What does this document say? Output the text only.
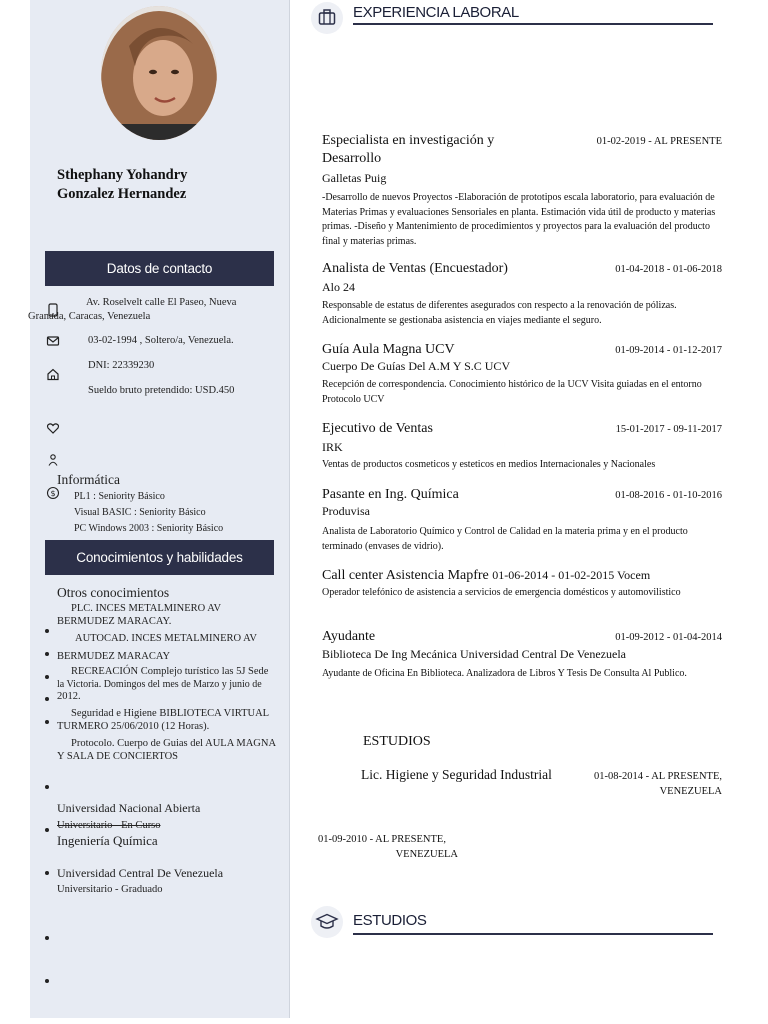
Sthephany Yohandry
Gonzalez Hernandez
Datos de contacto
$
Av. Roselvelt calle El Paseo, Nueva
Granada, Caracas, Venezuela
03-02-1994 , Soltero/a, Venezuela.
DNI: 22339230
Sueldo bruto pretendido: USD.450
Informática
PL1 : Seniority Básico
Visual BASIC : Seniority Básico
PC Windows 2003 : Seniority Básico
Conocimientos y habilidades
Otros conocimientos
PLC. INCES METALMINERO AV
BERMUDEZ MARACAY.
AUTOCAD. INCES METALMINERO AV
BERMUDEZ MARACAY
RECREACIÓN Complejo turístico las 5J Sede
la Victoria. Domingos del mes de Marzo y junio de
2012.
Seguridad e Higiene BIBLIOTECA VIRTUAL
TURMERO 25/06/2010 (12 Horas).
Protocolo. Cuerpo de Guias del AULA MAGNA
Y SALA DE CONCIERTOS
Universidad Nacional Abierta
Universitario - En Curso
Ingeniería Química
Universidad Central De Venezuela
Universitario - Graduado
EXPERIENCIA LABORAL
Especialista en investigación y
Desarrollo
01-02-2019 - AL PRESENTE
Galletas Puig
-Desarrollo de nuevos Proyectos -Elaboración de prototipos escala laboratorio, para evaluación de Materias Primas y evaluaciones Sensoriales en planta. Estimación vida útil de producto y materias primas. -Diseño y Mantenimiento de procedimientos y proyectos para la evaluación del producto final y materias primas.
Analista de Ventas (Encuestador)	01-04-2018 - 01-06-2018
Alo 24
Responsable de estatus de diferentes asegurados con respecto a la renovación de pólizas. Adicionalmente se gestionaba asistencia en viajes mediante el seguro.
Guía Aula Magna UCV	01-09-2014 - 01-12-2017
Cuerpo De Guías Del A.M Y S.C UCV
Recepción de correspondencia. Conocimiento histórico de la UCV Visita guiadas en el entorno Protocolo UCV
Ejecutivo de Ventas	15-01-2017 - 09-11-2017
IRK
Ventas de productos cosmeticos y esteticos en medios Internacionales y Nacionales
Pasante en Ing. Química	01-08-2016 - 01-10-2016
Produvisa
Analista de Laboratorio Químico y Control de Calidad en la materia prima y en el producto terminado (envases de vidrio).
Call center Asistencia Mapfre 01-06-2014 - 01-02-2015 Vocem
Operador telefónico de asistencia a servicios de emergencia domésticos y automovilistico
Ayudante	01-09-2012 - 01-04-2014
Biblioteca De Ing Mecánica Universidad Central De Venezuela
Ayudante de Oficina En Biblioteca. Analizadora de Libros Y Tesis De Consulta Al Publico.
ESTUDIOS
Lic. Higiene y Seguridad Industrial	01-08-2014 - AL PRESENTE,
VENEZUELA
01-09-2010 - AL PRESENTE,
VENEZUELA
ESTUDIOS
